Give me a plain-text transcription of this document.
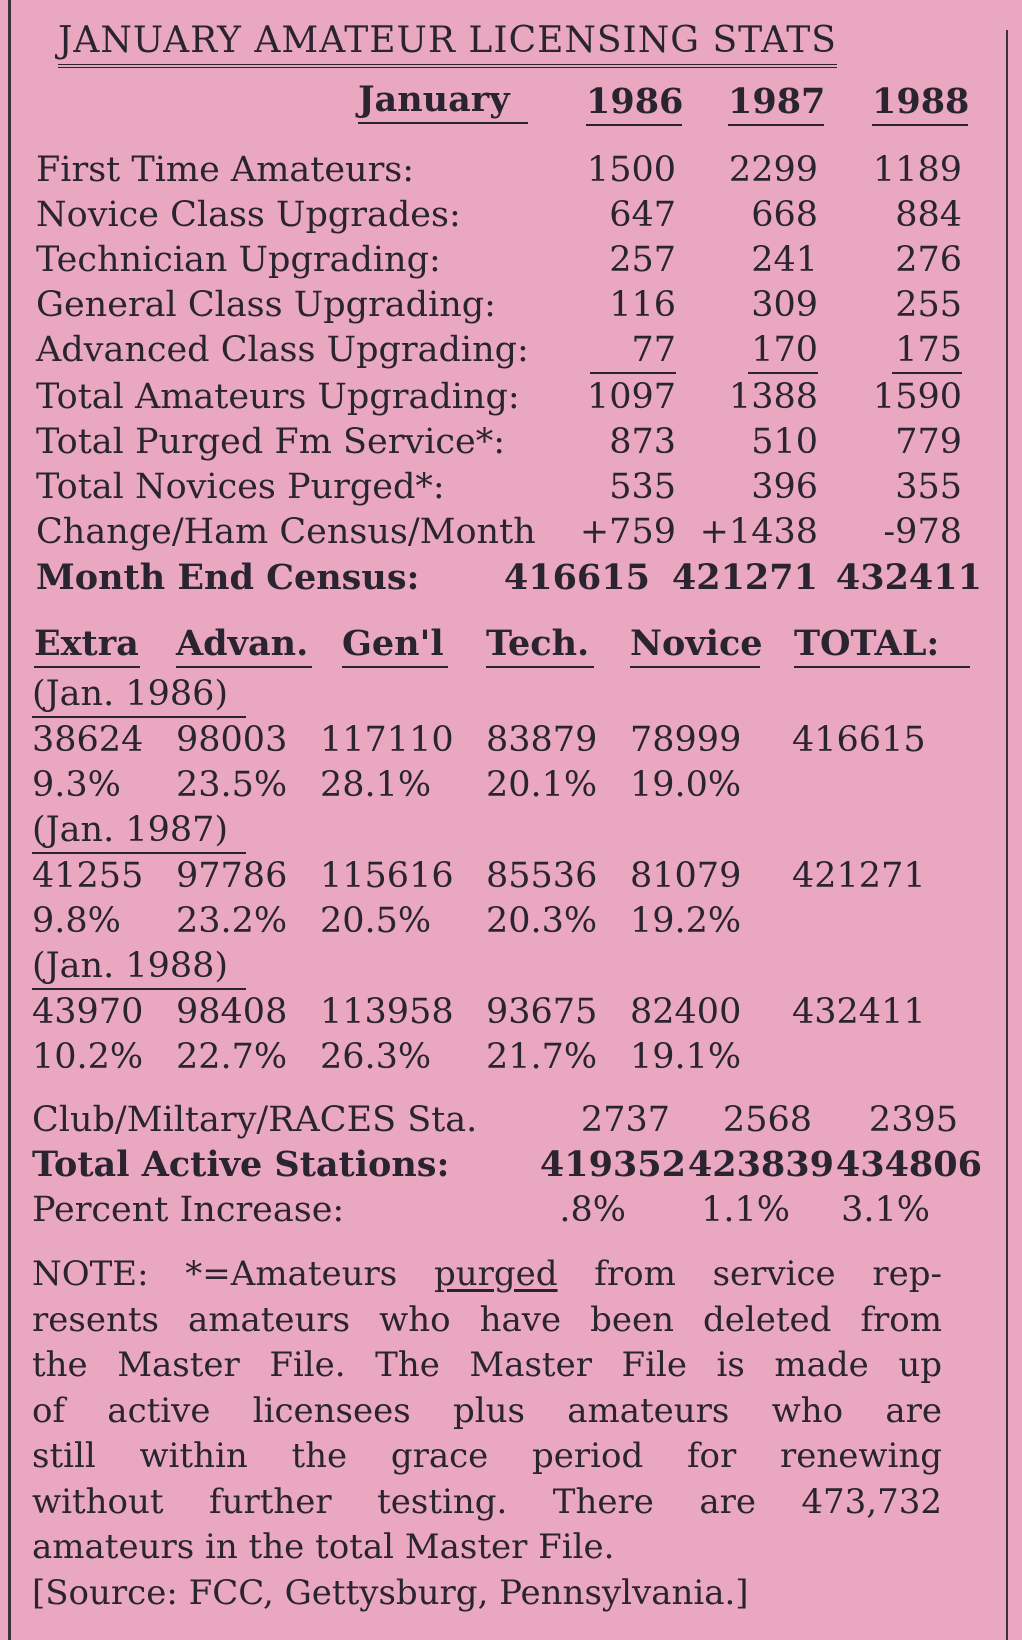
JANUARY AMATEUR LICENSING STATS
January	1986 1987 1988
First Time Amateurs:	1500	2299	1189
Novice Class Upgrades:	647	668	884
Technician Upgrading:	257	241	276
General Class Upgrading:	116	309	255
Advanced Class Upgrading:	77 170 175
Total Amateurs Upgrading:	1097	1388	1590
Total Purged Fm Service*:	873	510	779
Total Novices Purged*:	535	396	355
Change/Ham Census/Month	+759 +1438	-978
Month End Census: 416615 421271 432411
Extra Advan. Gen'l Tech. Novice TOTAL:
(Jan. 1986)
38624 98003 117110 83879 78999 416615
9.3% 23.5% 28.1% 20.1% 19.0%
(Jan. 1987)
41255 97786 115616 85536 81079 421271
9.8% 23.2% 20.5% 20.3% 19.2%
(Jan. 1988)
43970 98408 113958 93675 82400 432411
10.2% 22.7% 26.3% 21.7% 19.1%
Club/Miltary/RACES Sta.	2737	2568	2395
Total Active Stations:	419352 423839 434806
Percent Increase:	.8%	1.1%	3.1%
NOTE: *=Amateurs purged from service rep-
resents amateurs who have been deleted from
the Master File. The Master File is made up
of active licensees plus amateurs who are
still within the grace period for renewing
without further testing. There are 473,732
amateurs in the total Master File.
[Source: FCC, Gettysburg, Pennsylvania.]
